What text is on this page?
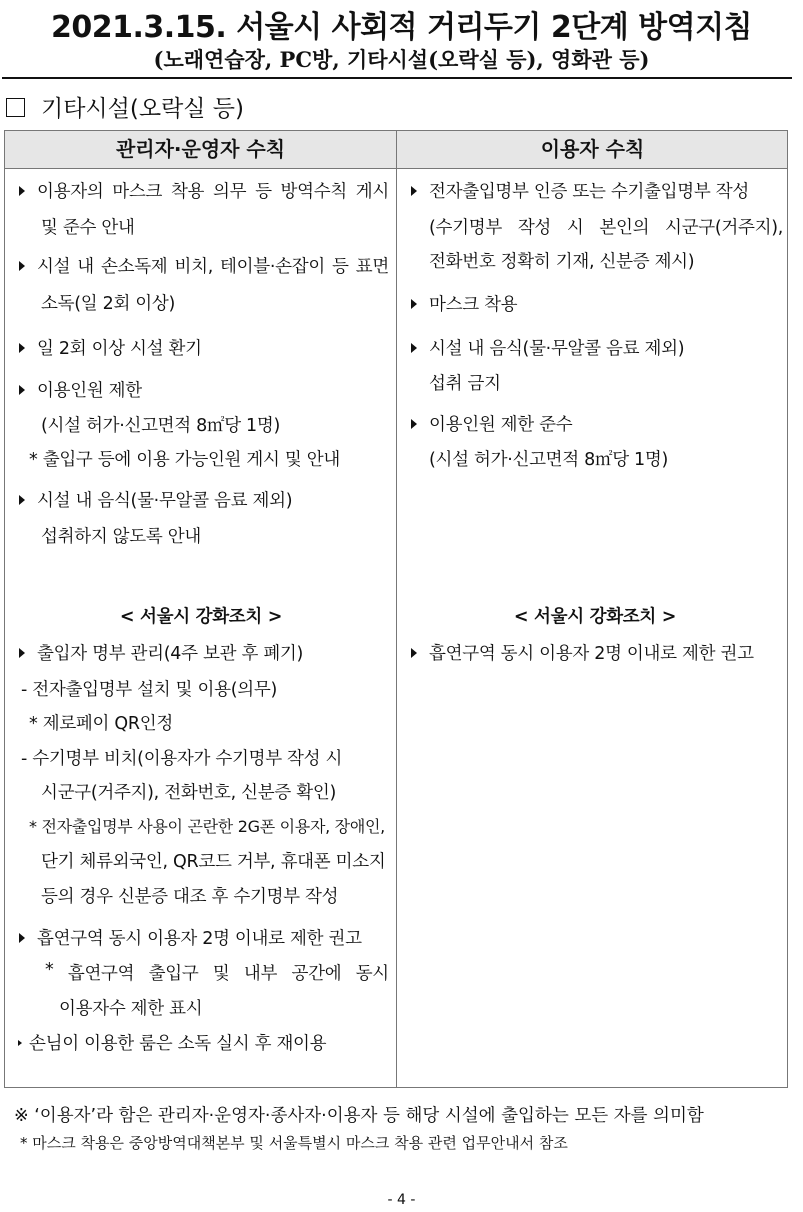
2021.3.15. 서울시 사회적 거리두기 2단계 방역지침
(노래연습장, PC방, 기타시설(오락실 등), 영화관 등)
기타시설(오락실 등)
관리자·운영자 수칙	이용자 수칙
이용자의 마스크 착용 의무 등 방역수칙 게시
및 준수 안내
시설 내 손소독제 비치, 테이블·손잡이 등 표면
소독(일 2회 이상)
일 2회 이상 시설 환기
이용인원 제한
(시설 허가·신고면적 8㎡당 1명)
* 출입구 등에 이용 가능인원 게시 및 안내
시설 내 음식(물·무알콜 음료 제외)
섭취하지 않도록 안내
< 서울시 강화조치 >
출입자 명부 관리(4주 보관 후 폐기)
- 전자출입명부 설치 및 이용(의무)
* 제로페이 QR인정
- 수기명부 비치(이용자가 수기명부 작성 시
시군구(거주지), 전화번호, 신분증 확인)
* 전자출입명부 사용이 곤란한 2G폰 이용자, 장애인,
단기 체류외국인, QR코드 거부, 휴대폰 미소지
등의 경우 신분증 대조 후 수기명부 작성
흡연구역 동시 이용자 2명 이내로 제한 권고
* 흡연구역 출입구 및 내부 공간에 동시
이용자수 제한 표시
손님이 이용한 룸은 소독 실시 후 재이용
전자출입명부 인증 또는 수기출입명부 작성
(수기명부 작성 시 본인의 시군구(거주지),
전화번호 정확히 기재, 신분증 제시)
마스크 착용
시설 내 음식(물·무알콜 음료 제외)
섭취 금지
이용인원 제한 준수
(시설 허가·신고면적 8㎡당 1명)
< 서울시 강화조치 >
흡연구역 동시 이용자 2명 이내로 제한 권고
※ ‘이용자’라 함은 관리자·운영자·종사자·이용자 등 해당 시설에 출입하는 모든 자를 의미함
* 마스크 착용은 중앙방역대책본부 및 서울특별시 마스크 착용 관련 업무안내서 참조
- 4 -
